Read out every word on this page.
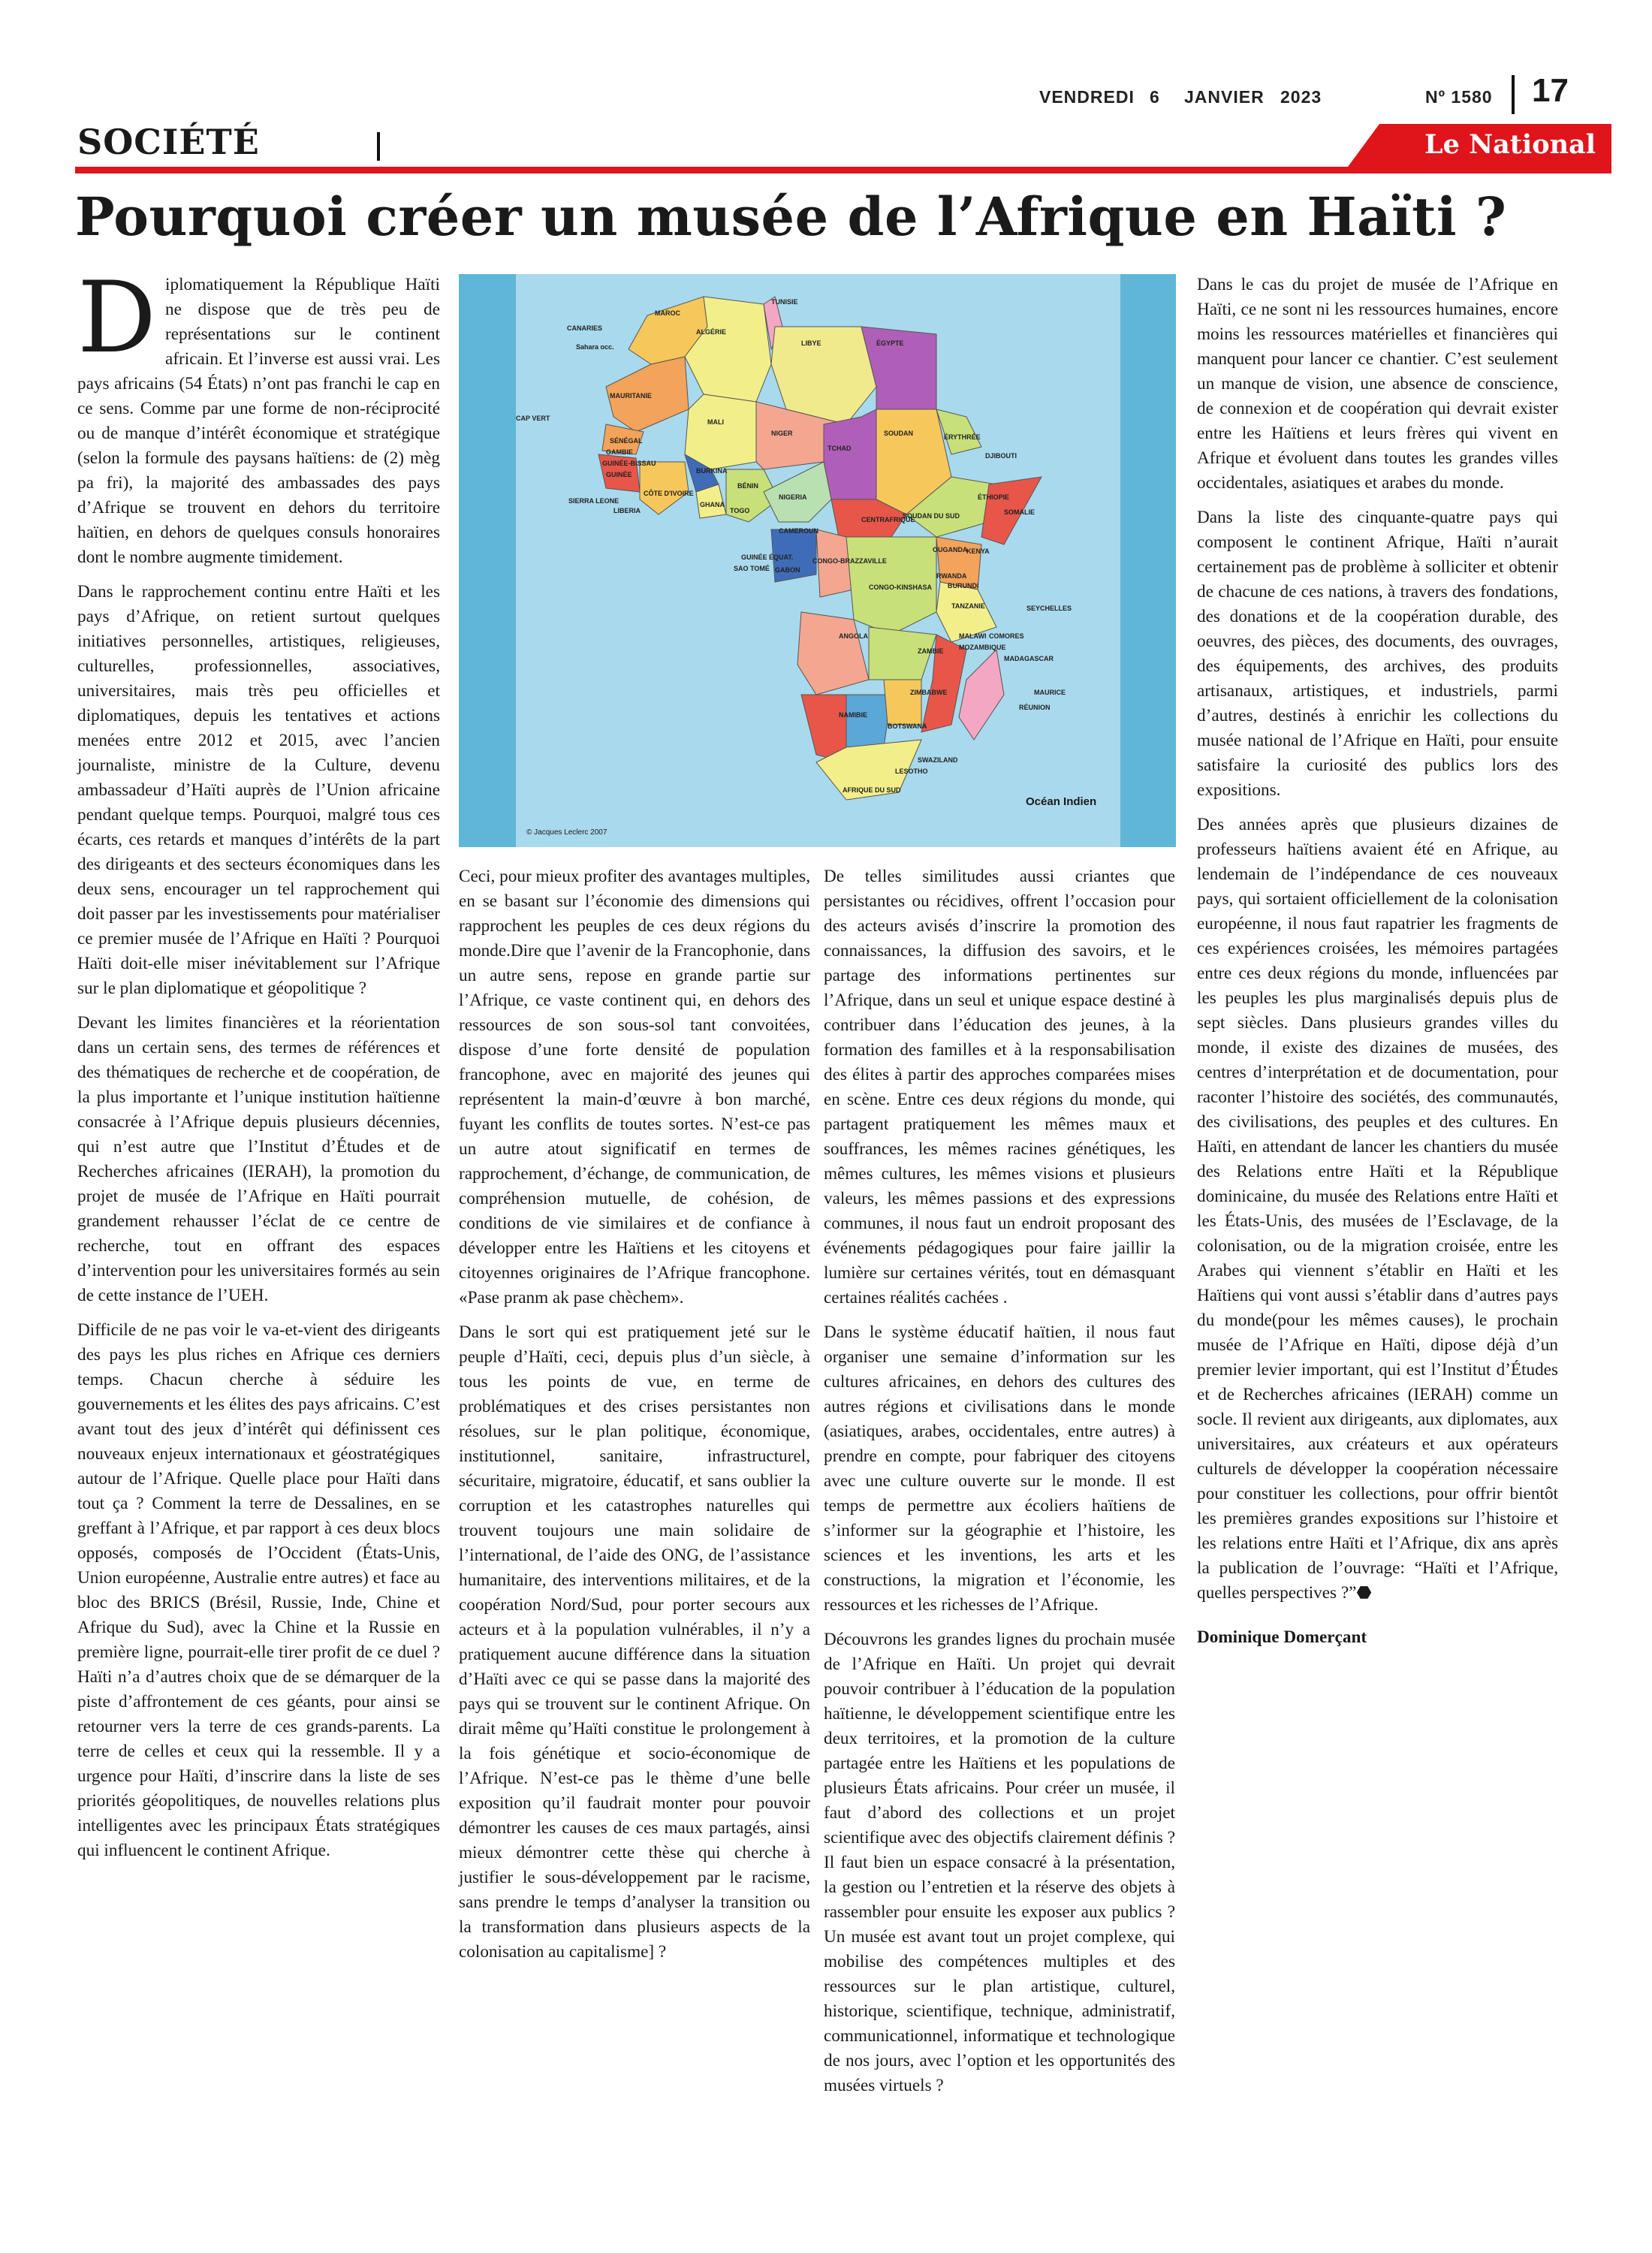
VENDREDI 6 JANVIER 2023	Nº 1580 17
SOCIÉTÉ	Le National
Pourquoi créer un musée de l’Afrique en Haïti ?

Diplomatiquement la République Haïti ne dispose que de très peu de représentations sur le continent africain. Et l’inverse est aussi vrai. Les pays africains (54 États) n’ont pas franchi le cap en ce sens. Comme par une forme de non-réciprocité ou de manque d’intérêt économique et stratégique (selon la formule des paysans haïtiens: de (2) mèg pa fri), la majorité des ambassades des pays d’Afrique se trouvent en dehors du territoire haïtien, en dehors de quelques consuls honoraires dont le nombre augmente timidement.

Dans le rapprochement continu entre Haïti et les pays d’Afrique, on retient surtout quelques initiatives personnelles, artistiques, religieuses, culturelles, professionnelles, associatives, universitaires, mais très peu officielles et diplomatiques, depuis les tentatives et actions menées entre 2012 et 2015, avec l’ancien journaliste, ministre de la Culture, devenu ambassadeur d’Haïti auprès de l’Union africaine pendant quelque temps. Pourquoi, malgré tous ces écarts, ces retards et manques d’intérêts de la part des dirigeants et des secteurs économiques dans les deux sens, encourager un tel rapprochement qui doit passer par les investissements pour matérialiser ce premier musée de l’Afrique en Haïti ? Pourquoi Haïti doit-elle miser inévitablement sur l’Afrique sur le plan diplomatique et géopolitique ?

Devant les limites financières et la réorientation dans un certain sens, des termes de références et des thématiques de recherche et de coopération, de la plus importante et l’unique institution haïtienne consacrée à l’Afrique depuis plusieurs décennies, qui n’est autre que l’Institut d’Études et de Recherches africaines (IERAH), la promotion du projet de musée de l’Afrique en Haïti pourrait grandement rehausser l’éclat de ce centre de recherche, tout en offrant des espaces d’intervention pour les universitaires formés au sein de cette instance de l’UEH.

Difficile de ne pas voir le va-et-vient des dirigeants des pays les plus riches en Afrique ces derniers temps. Chacun cherche à séduire les gouvernements et les élites des pays africains. C’est avant tout des jeux d’intérêt qui définissent ces nouveaux enjeux internationaux et géostratégiques autour de l’Afrique. Quelle place pour Haïti dans tout ça ? Comment la terre de Dessalines, en se greffant à l’Afrique, et par rapport à ces deux blocs opposés, composés de l’Occident (États-Unis, Union européenne, Australie entre autres) et face au bloc des BRICS (Brésil, Russie, Inde, Chine et Afrique du Sud), avec la Chine et la Russie en première ligne, pourrait-elle tirer profit de ce duel ? Haïti n’a d’autres choix que de se démarquer de la piste d’affrontement de ces géants, pour ainsi se retourner vers la terre de ces grands-parents. La terre de celles et ceux qui la ressemble. Il y a urgence pour Haïti, d’inscrire dans la liste de ses priorités géopolitiques, de nouvelles relations plus intelligentes avec les principaux États stratégiques qui influencent le continent Afrique.

MAROC
TUNISIE
CANARIES	ALGÉRIE
Sahara occ.	LIBYE	ÉGYPTE
MAURITANIE
MALI
CAP VERT
SÉNÉGAL
GAMBIE
GUINÉE-BISSAU
NIGER
TCHAD
SOUDAN	ÉRYTHRÉE
DJIBOUTI
GUINÉE	BURKINA
BÉNIN
NIGERIA
SIERRA LEONE
CÔTE D'IVOIRE
LIBERIA
GHANA
TOGO
ÉTHIOPIE
SOMALIE
CAMEROUN
CENTRAFRIQUE
SOUDAN DU SUD
GUINÉE ÉQUAT.
SAO TOMÉ GABON
CONGO-BRAZZAVILLE
CONGO-KINSHASA
OUGANDA
KENYA
RWANDA
BURUNDI
TANZANIE	SEYCHELLES
ANGOLA
ZAMBIE
MALAWI COMORES
MOZAMBIQUE
MADAGASCAR
ZIMBABWE
NAMIBIE
BOTSWANA
MAURICE
RÉUNION
SWAZILAND
LESOTHO
AFRIQUE DU SUD
Océan Indien
© Jacques Leclerc 2007

Ceci, pour mieux profiter des avantages multiples, en se basant sur l’économie des dimensions qui rapprochent les peuples de ces deux régions du monde.Dire que l’avenir de la Francophonie, dans un autre sens, repose en grande partie sur l’Afrique, ce vaste continent qui, en dehors des ressources de son sous-sol tant convoitées, dispose d’une forte densité de population francophone, avec en majorité des jeunes qui représentent la main-d’œuvre à bon marché, fuyant les conflits de toutes sortes. N’est-ce pas un autre atout significatif en termes de rapprochement, d’échange, de communication, de compréhension mutuelle, de cohésion, de conditions de vie similaires et de confiance à développer entre les Haïtiens et les citoyens et citoyennes originaires de l’Afrique francophone. «Pase pranm ak pase chèchem».

Dans le sort qui est pratiquement jeté sur le peuple d’Haïti, ceci, depuis plus d’un siècle, à tous les points de vue, en terme de problématiques et des crises persistantes non résolues, sur le plan politique, économique, institutionnel, sanitaire, infrastructurel, sécuritaire, migratoire, éducatif, et sans oublier la corruption et les catastrophes naturelles qui trouvent toujours une main solidaire de l’international, de l’aide des ONG, de l’assistance humanitaire, des interventions militaires, et de la coopération Nord/Sud, pour porter secours aux acteurs et à la population vulnérables, il n’y a pratiquement aucune différence dans la situation d’Haïti avec ce qui se passe dans la majorité des pays qui se trouvent sur le continent Afrique. On dirait même qu’Haïti constitue le prolongement à la fois génétique et socio-économique de l’Afrique. N’est-ce pas le thème d’une belle exposition qu’il faudrait monter pour pouvoir démontrer les causes de ces maux partagés, ainsi mieux démontrer cette thèse qui cherche à justifier le sous-développement par le racisme, sans prendre le temps d’analyser la transition ou la transformation dans plusieurs aspects de la colonisation au capitalisme] ?

De telles similitudes aussi criantes que persistantes ou récidives, offrent l’occasion pour des acteurs avisés d’inscrire la promotion des connaissances, la diffusion des savoirs, et le partage des informations pertinentes sur l’Afrique, dans un seul et unique espace destiné à contribuer dans l’éducation des jeunes, à la formation des familles et à la responsabilisation des élites à partir des approches comparées mises en scène. Entre ces deux régions du monde, qui partagent pratiquement les mêmes maux et souffrances, les mêmes racines génétiques, les mêmes cultures, les mêmes visions et plusieurs valeurs, les mêmes passions et des expressions communes, il nous faut un endroit proposant des événements pédagogiques pour faire jaillir la lumière sur certaines vérités, tout en démasquant certaines réalités cachées .

Dans le système éducatif haïtien, il nous faut organiser une semaine d’information sur les cultures africaines, en dehors des cultures des autres régions et civilisations dans le monde (asiatiques, arabes, occidentales, entre autres) à prendre en compte, pour fabriquer des citoyens avec une culture ouverte sur le monde. Il est temps de permettre aux écoliers haïtiens de s’informer sur la géographie et l’histoire, les sciences et les inventions, les arts et les constructions, la migration et l’économie, les ressources et les richesses de l’Afrique.

Découvrons les grandes lignes du prochain musée de l’Afrique en Haïti. Un projet qui devrait pouvoir contribuer à l’éducation de la population haïtienne, le développement scientifique entre les deux territoires, et la promotion de la culture partagée entre les Haïtiens et les populations de plusieurs États africains. Pour créer un musée, il faut d’abord des collections et un projet scientifique avec des objectifs clairement définis ? Il faut bien un espace consacré à la présentation, la gestion ou l’entretien et la réserve des objets à rassembler pour ensuite les exposer aux publics ? Un musée est avant tout un projet complexe, qui mobilise des compétences multiples et des ressources sur le plan artistique, culturel, historique, scientifique, technique, administratif, communicationnel, informatique et technologique de nos jours, avec l’option et les opportunités des musées virtuels ?

Dans le cas du projet de musée de l’Afrique en Haïti, ce ne sont ni les ressources humaines, encore moins les ressources matérielles et financières qui manquent pour lancer ce chantier. C’est seulement un manque de vision, une absence de conscience, de connexion et de coopération qui devrait exister entre les Haïtiens et leurs frères qui vivent en Afrique et évoluent dans toutes les grandes villes occidentales, asiatiques et arabes du monde.

Dans la liste des cinquante-quatre pays qui composent le continent Afrique, Haïti n’aurait certainement pas de problème à solliciter et obtenir de chacune de ces nations, à travers des fondations, des donations et de la coopération durable, des oeuvres, des pièces, des documents, des ouvrages, des équipements, des archives, des produits artisanaux, artistiques, et industriels, parmi d’autres, destinés à enrichir les collections du musée national de l’Afrique en Haïti, pour ensuite satisfaire la curiosité des publics lors des expositions.

Des années après que plusieurs dizaines de professeurs haïtiens avaient été en Afrique, au lendemain de l’indépendance de ces nouveaux pays, qui sortaient officiellement de la colonisation européenne, il nous faut rapatrier les fragments de ces expériences croisées, les mémoires partagées entre ces deux régions du monde, influencées par les peuples les plus marginalisés depuis plus de sept siècles. Dans plusieurs grandes villes du monde, il existe des dizaines de musées, des centres d’interprétation et de documentation, pour raconter l’histoire des sociétés, des communautés, des civilisations, des peuples et des cultures. En Haïti, en attendant de lancer les chantiers du musée des Relations entre Haïti et la République dominicaine, du musée des Relations entre Haïti et les États-Unis, des musées de l’Esclavage, de la colonisation, ou de la migration croisée, entre les Arabes qui viennent s’établir en Haïti et les Haïtiens qui vont aussi s’établir dans d’autres pays du monde(pour les mêmes causes), le prochain musée de l’Afrique en Haïti, dipose déjà d’un premier levier important, qui est l’Institut d’Études et de Recherches africaines (IERAH) comme un socle. Il revient aux dirigeants, aux diplomates, aux universitaires, aux créateurs et aux opérateurs culturels de développer la coopération nécessaire pour constituer les collections, pour offrir bientôt les premières grandes expositions sur l’histoire et les relations entre Haïti et l’Afrique, dix ans après la publication de l’ouvrage: “Haïti et l’Afrique, quelles perspectives ?”⬣

Dominique Domerçant
